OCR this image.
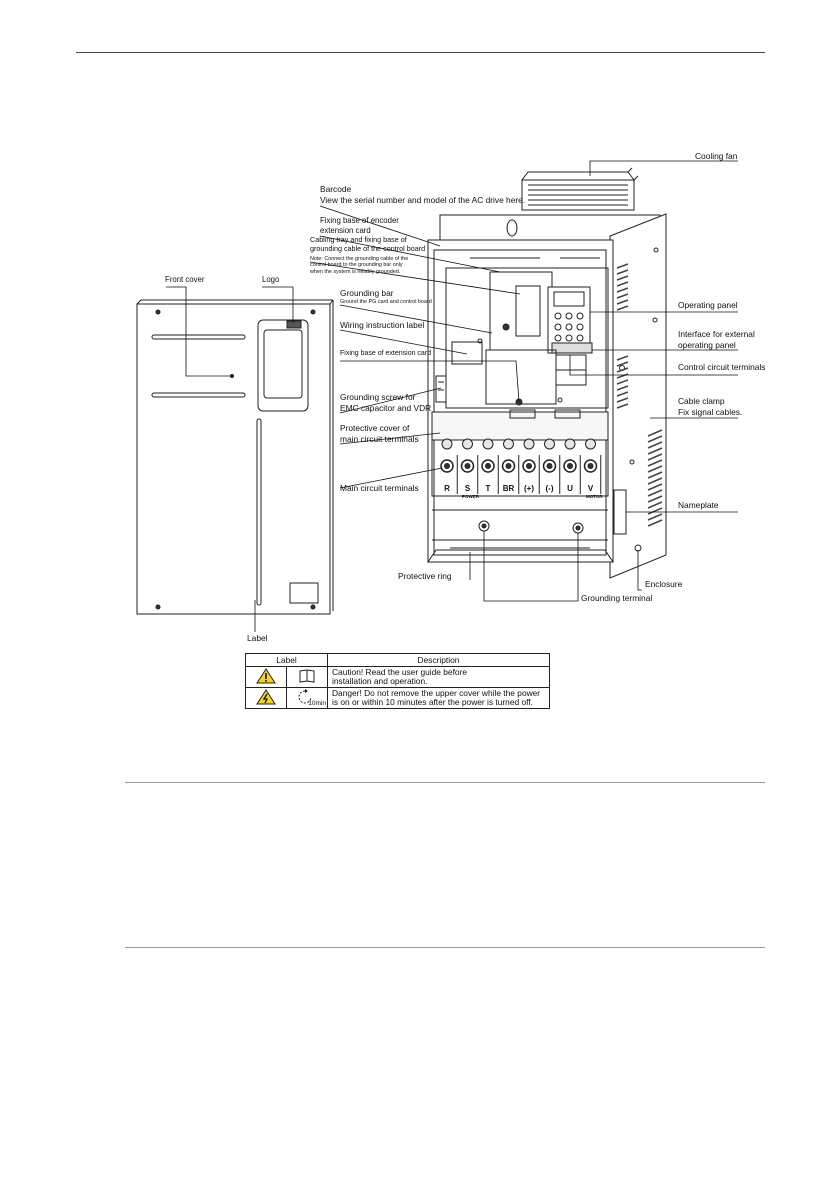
Cooling fan
Barcode
View the serial number and model of the AC drive here.
Fixing base of encoder
extension card
Cabling tray and fixing base of
grounding cable of the control board
Note: Connect the grounding cable of the
control board to the grounding bar only
when the system is reliably grounded.
Front cover	Logo
Grounding bar
Ground the PG card and control board
Wiring instruction label
Fixing base of extension card
Grounding screw for
EMC capacitor and VDR
Protective cover of
main circuit terminals
Main circuit terminals
Operating panel
Interface for external
operating panel
Control circuit terminals
Cable clamp
Fix signal cables.
Nameplate
Enclosure
Protective ring
Grounding terminal
Label
R	S	T	BR	(+)	(-)	U	V
POWER	MOTOR
Label		Description

Caution! Read the user guide before
installation and operation.

10min	Danger! Do not remove the upper cover while the power
is on or within 10 minutes after the power is turned off.
